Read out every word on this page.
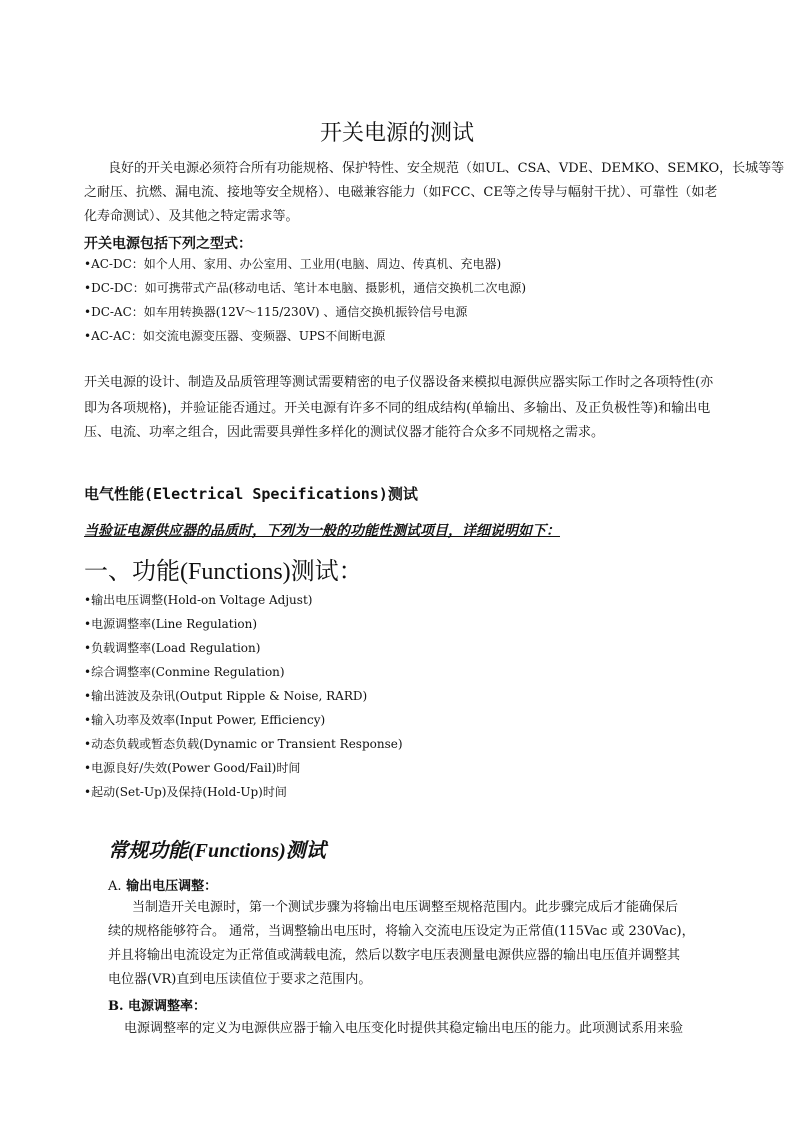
开关电源的测试
良好的开关电源必须符合所有功能规格、保护特性、安全规范（如UL、CSA、VDE、DEMKO、SEMKO，长城等等
之耐压、抗燃、漏电流、接地等安全规格）、电磁兼容能力（如FCC、CE等之传导与幅射干扰）、可靠性（如老
化寿命测试）、及其他之特定需求等。
开关电源包括下列之型式：
•AC-DC：如个人用、家用、办公室用、工业用(电脑、周边、传真机、充电器)
•DC-DC：如可携带式产品(移动电话、笔计本电脑、摄影机，通信交换机二次电源)
•DC-AC：如车用转换器(12V～115/230V) 、通信交换机振铃信号电源
•AC-AC：如交流电源变压器、变频器、UPS不间断电源
开关电源的设计、制造及品质管理等测试需要精密的电子仪器设备来模拟电源供应器实际工作时之各项特性(亦
即为各项规格)，并验证能否通过。开关电源有许多不同的组成结构(单输出、多输出、及正负极性等)和输出电
压、电流、功率之组合，因此需要具弹性多样化的测试仪器才能符合众多不同规格之需求。
电气性能(Electrical Specifications)测试
当验证电源供应器的品质时，下列为一般的功能性测试项目，详细说明如下：
一、功能(Functions)测试：
•输出电压调整(Hold-on Voltage Adjust)
•电源调整率(Line Regulation)
•负载调整率(Load Regulation)
•综合调整率(Conmine Regulation)
•输出涟波及杂讯(Output Ripple & Noise, RARD)
•输入功率及效率(Input Power, Efficiency)
•动态负载或暂态负载(Dynamic or Transient Response)
•电源良好/失效(Power Good/Fail)时间
•起动(Set-Up)及保持(Hold-Up)时间
常规功能(Functions)测试
A. 输出电压调整：
当制造开关电源时，第一个测试步骤为将输出电压调整至规格范围内。此步骤完成后才能确保后
续的规格能够符合。 通常，当调整输出电压时，将输入交流电压设定为正常值(115Vac 或 230Vac)，
并且将输出电流设定为正常值或满载电流，然后以数字电压表测量电源供应器的输出电压值并调整其
电位器(VR)直到电压读值位于要求之范围内。
B. 电源调整率：
电源调整率的定义为电源供应器于输入电压变化时提供其稳定输出电压的能力。此项测试系用来验
